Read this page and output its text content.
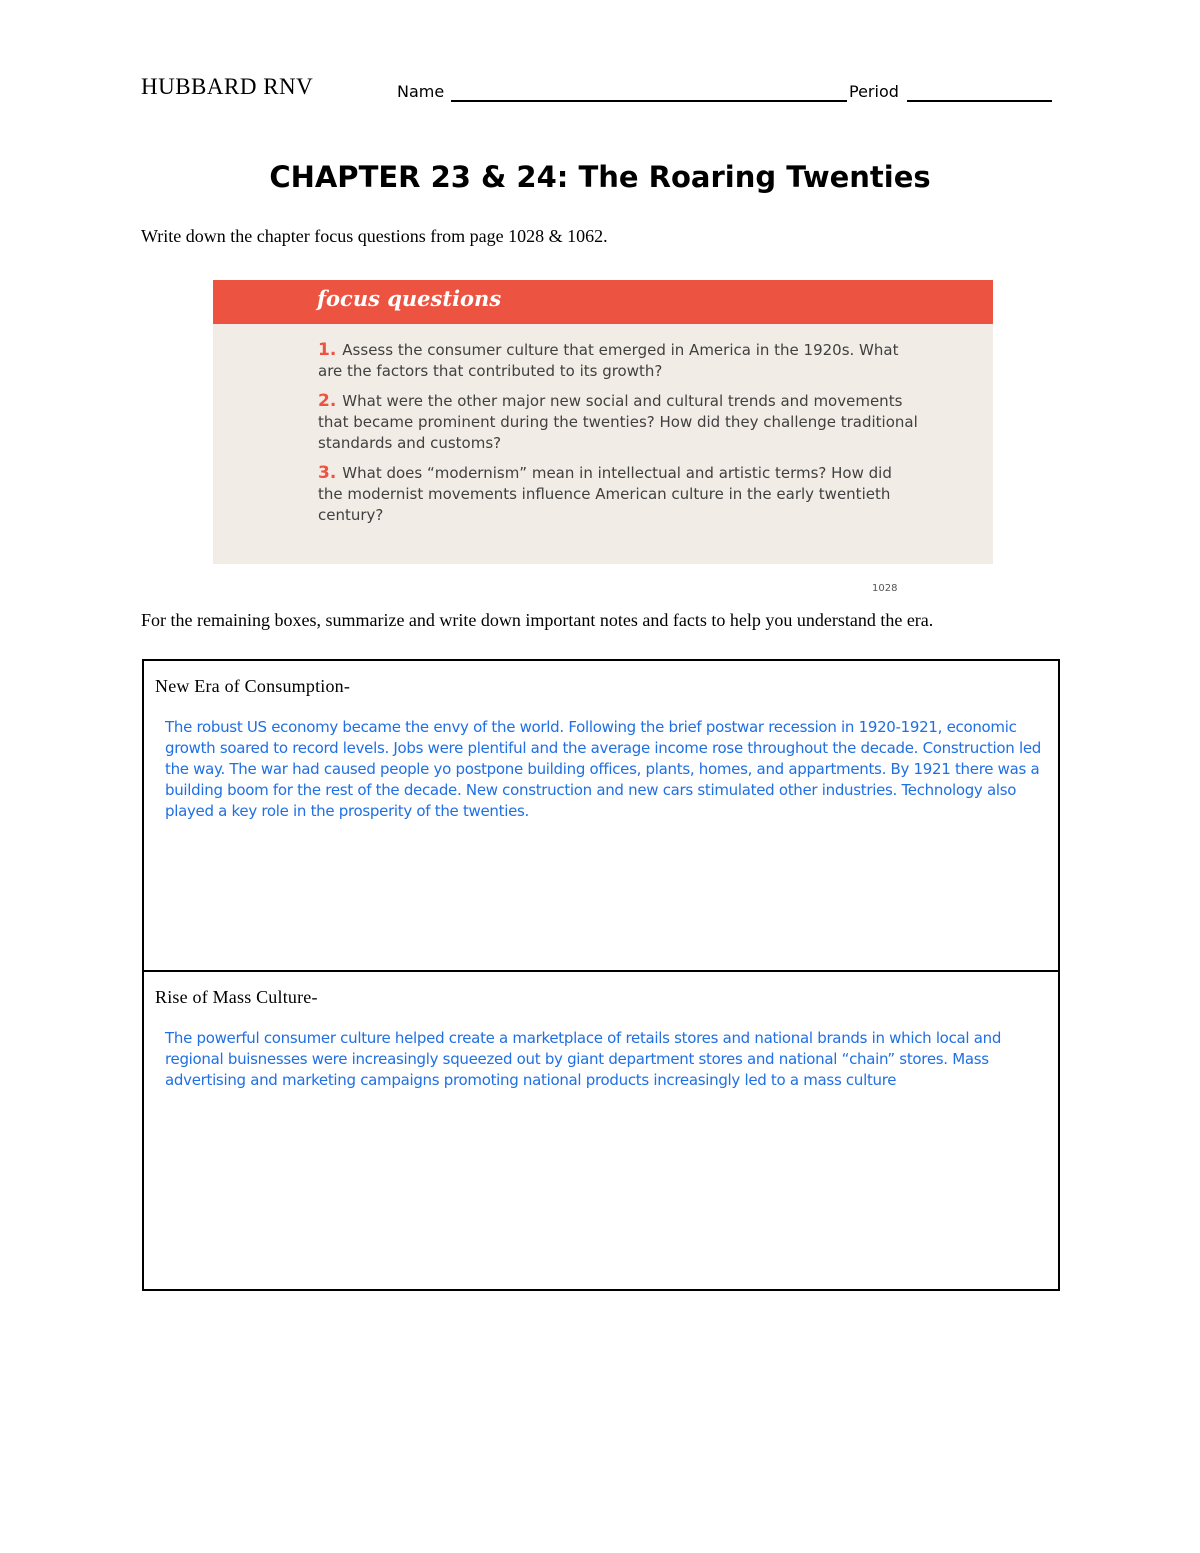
HUBBARD RNV	Name	Period
CHAPTER 23 & 24: The Roaring Twenties
Write down the chapter focus questions from page 1028 & 1062.
focus questions
1. Assess the consumer culture that emerged in America in the 1920s. What are the factors that contributed to its growth?
2. What were the other major new social and cultural trends and movements that became prominent during the twenties? How did they challenge traditional standards and customs?
3. What does “modernism” mean in intellectual and artistic terms? How did the modernist movements influence American culture in the early twentieth century?
1028
For the remaining boxes, summarize and write down important notes and facts to help you understand the era.
New Era of Consumption-
The robust US economy became the envy of the world. Following the brief postwar recession in 1920-1921, economic growth soared to record levels. Jobs were plentiful and the average income rose throughout the decade. Construction led the way. The war had caused people yo postpone building offices, plants, homes, and appartments. By 1921 there was a building boom for the rest of the decade. New construction and new cars stimulated other industries. Technology also played a key role in the prosperity of the twenties.
Rise of Mass Culture-
The powerful consumer culture helped create a marketplace of retails stores and national brands in which local and regional buisnesses were increasingly squeezed out by giant department stores and national “chain” stores. Mass advertising and marketing campaigns promoting national products increasingly led to a mass culture
